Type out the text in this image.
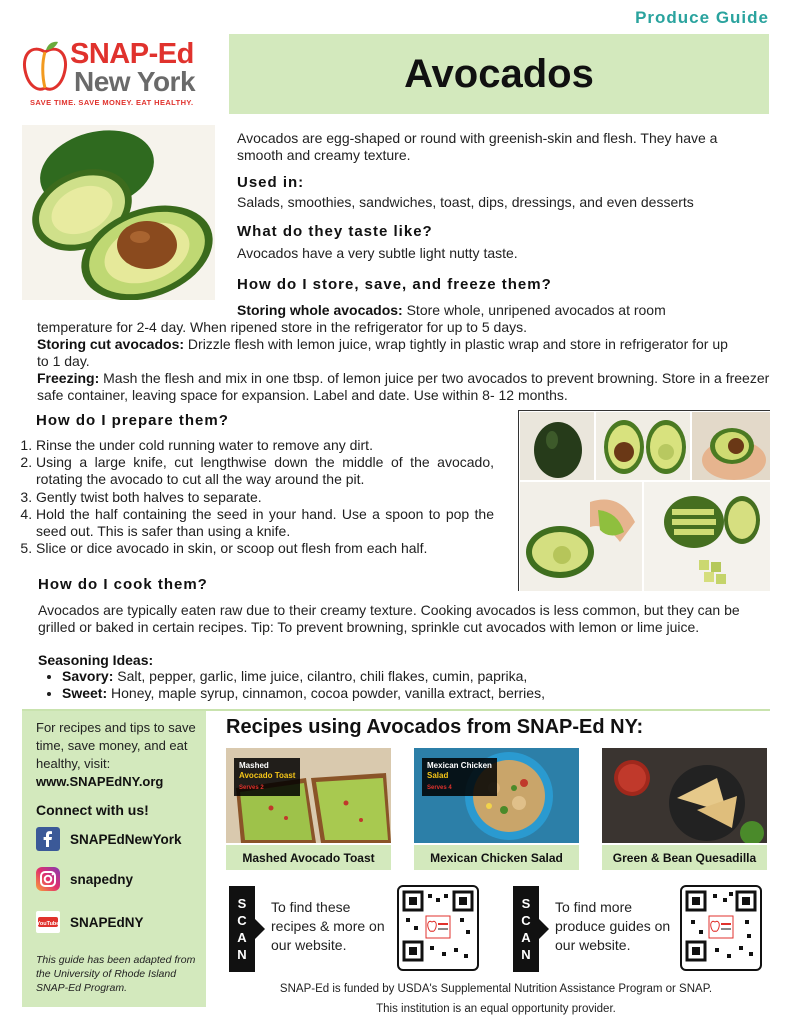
Produce Guide
SNAP-Ed
New York
SAVE TIME. SAVE MONEY. EAT HEALTHY.
Avocados
Avocados are egg-shaped or round with greenish-skin and flesh. They have a smooth and creamy texture.
Used in:
Salads, smoothies, sandwiches, toast, dips, dressings, and even desserts
What do they taste like?
Avocados have a very subtle light nutty taste.
How do I store, save, and freeze them?
Storing whole avocados: Store whole, unripened avocados at room
temperature for 2-4 day. When ripened store in the refrigerator for up to 5 days.
Storing cut avocados: Drizzle flesh with lemon juice, wrap tightly in plastic wrap and store in refrigerator for up to 1 day.
Freezing: Mash the flesh and mix in one tbsp. of lemon juice per two avocados to prevent browning. Store in a freezer safe container, leaving space for expansion. Label and date. Use within 8- 12 months.
How do I prepare them?
1. Rinse the under cold running water to remove any dirt.
2. Using a large knife, cut lengthwise down the middle of the avocado, rotating the avocado to cut all the way around the pit.
3. Gently twist both halves to separate.
4. Hold the half containing the seed in your hand. Use a spoon to pop the seed out. This is safer than using a knife.
5. Slice or dice avocado in skin, or scoop out flesh from each half.
How do I cook them?
Avocados are typically eaten raw due to their creamy texture. Cooking avocados is less common, but they can be grilled or baked in certain recipes. Tip: To prevent browning, sprinkle cut avocados with lemon or lime juice.
Seasoning Ideas:
• Savory: Salt, pepper, garlic, lime juice, cilantro, chili flakes, cumin, paprika,
• Sweet: Honey, maple syrup, cinnamon, cocoa powder, vanilla extract, berries,
For recipes and tips to save time, save money, and eat healthy, visit: www.SNAPEdNY.org
Connect with us!
SNAPEdNewYork
snapedny
YouTube SNAPEdNY
This guide has been adapted from the University of Rhode Island SNAP-Ed Program.
Recipes using Avocados from SNAP-Ed NY:
Mashed
Avocado Toast
Serves 2
Mashed Avocado Toast
Mexican Chicken
Salad
Serves 4
Mexican Chicken Salad	Green & Bean Quesadilla
S
C
A
N
To find these recipes & more on our website.
S
C
A
N
To find more produce guides on our website.
SNAP-Ed is funded by USDA's Supplemental Nutrition Assistance Program or SNAP.
This institution is an equal opportunity provider.
